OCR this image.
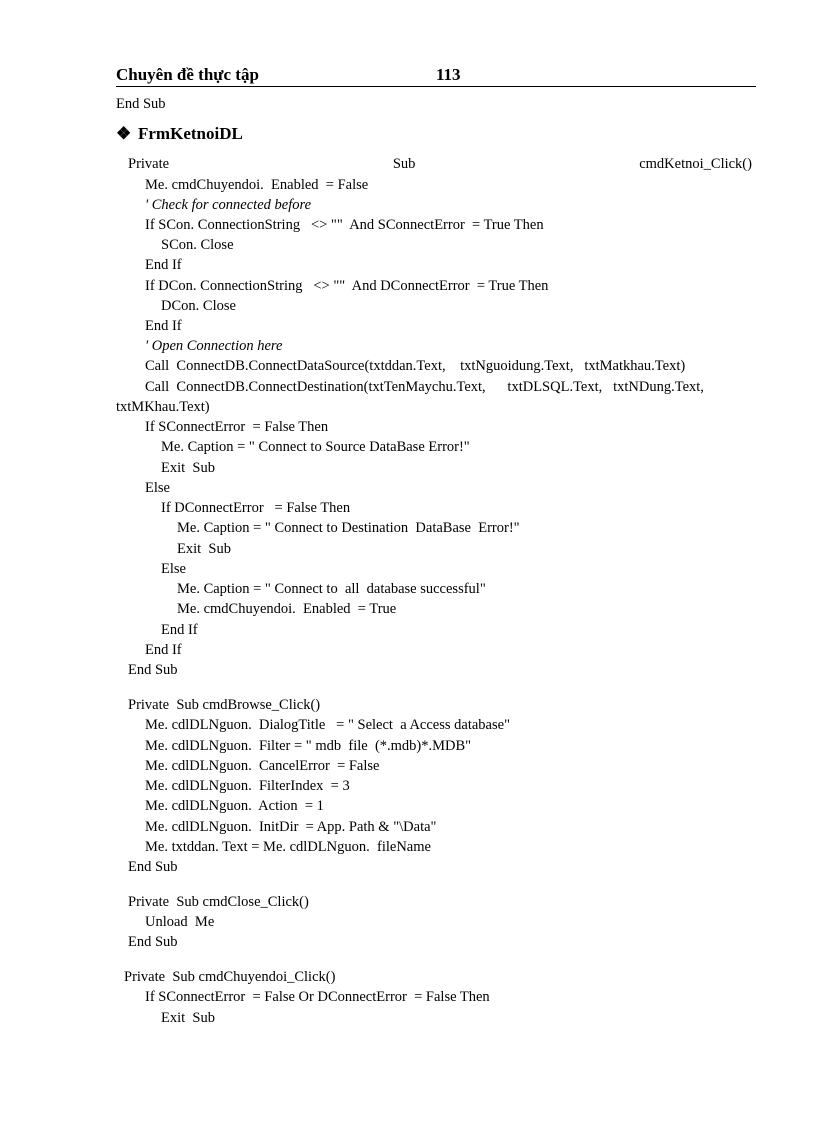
Chuyên đề thực tập	113
End Sub
❖ FrmKetnoiDL
Private	Sub	cmdKetnoi_Click()
Me. cmdChuyendoi.  Enabled  = False
' Check for connected before
If SCon. ConnectionString   <> ""  And SConnectError  = True Then
SCon. Close
End If
If DCon. ConnectionString   <> ""  And DConnectError  = True Then
DCon. Close
End If
' Open Connection here
Call  ConnectDB.ConnectDataSource(txtddan.Text,    txtNguoidung.Text,   txtMatkhau.Text)
Call  ConnectDB.ConnectDestination(txtTenMaychu.Text,      txtDLSQL.Text,   txtNDung.Text,
txtMKhau.Text)
If SConnectError  = False Then
Me. Caption = " Connect to Source DataBase Error!"
Exit  Sub
Else
If DConnectError   = False Then
Me. Caption = " Connect to Destination  DataBase  Error!"
Exit  Sub
Else
Me. Caption = " Connect to  all  database successful"
Me. cmdChuyendoi.  Enabled  = True
End If
End If
End Sub
Private  Sub cmdBrowse_Click()
Me. cdlDLNguon.  DialogTitle   = " Select  a Access database"
Me. cdlDLNguon.  Filter = " mdb  file  (*.mdb)*.MDB"
Me. cdlDLNguon.  CancelError  = False
Me. cdlDLNguon.  FilterIndex  = 3
Me. cdlDLNguon.  Action  = 1
Me. cdlDLNguon.  InitDir  = App. Path & "\Data"
Me. txtddan. Text = Me. cdlDLNguon.  fileName
End Sub
Private  Sub cmdClose_Click()
Unload  Me
End Sub
Private  Sub cmdChuyendoi_Click()
If SConnectError  = False Or DConnectError  = False Then
Exit  Sub
